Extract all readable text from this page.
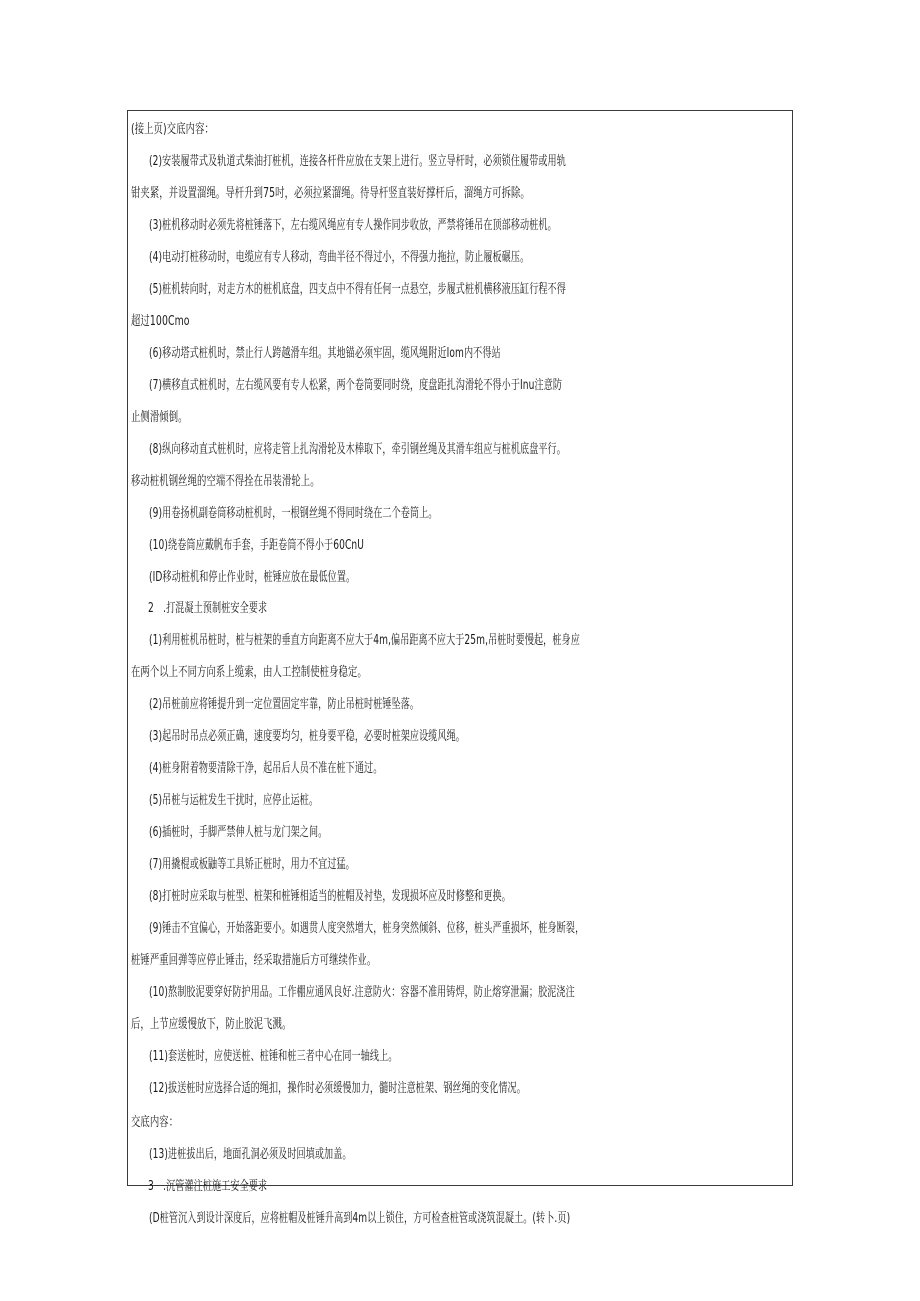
(接上页)交底内容：
(2)安装履带式及轨道式柴油打桩机，连接各杆件应放在支架上进行。竖立导杆时，必须锁住履带或用轨
钳夹紧，并设置溜绳。导杆升到75吋，必须拉紧溜绳。待导杆竖直装好撑杆后，溜绳方可拆除。
(3)桩机移动时必须先将桩锤落下，左右缆风绳应有专人操作同步收放，严禁将锤吊在顶部移动桩机。
(4)电动打桩移动时，电缆应有专人移动，弯曲半径不得过小，不得强力拖拉，防止履板碾压。
(5)桩机转向时，对走方木的桩机底盘，四支点中不得有任何一点悬空，步履式桩机横移液压缸行程不得
超过100Cmo
(6)移动塔式桩机时，禁止行人跨越滑车组。其地锚必须牢固，缆风绳附近Iom内不得站
(7)横移直式桩机时，左右缆风要有专人松紧，两个卷筒要同时绕，度盘距扎沟滑轮不得小于Inu注意防
止侧滑倾倒。
(8)纵向移动直式桩机时，应将走管上扎沟滑轮及木棒取下，牵引钢丝绳及其滑车组应与桩机底盘平行。
移动桩机钢丝绳的空端不得拴在吊装滑轮上。
(9)用卷扬机副卷筒移动桩机时，一根钢丝绳不得同时绕在二个卷筒上。
(10)绕卷筒应戴帆布手套，手距卷筒不得小于60CnU
(ID移动桩机和停止作业时，桩锤应放在最低位置。
2　.打混凝土预制桩安全要求
(1)利用桩机吊桩时，桩与桩架的垂直方向距离不应大于4m,偏吊距离不应大于25m,吊桩时要慢起，桩身应
在两个以上不同方向系上缆索，由人工控制使桩身稳定。
(2)吊桩前应将锤提升到一定位置固定牢靠，防止吊桩时桩锤坠落。
(3)起吊时吊点必须正确，速度要均匀，桩身要平稳，必要时桩架应设缆风绳。
(4)桩身附着物要清除干净，起吊后人员不准在桩下通过。
(5)吊桩与运桩发生干扰时，应停止运桩。
(6)插桩时，手脚严禁伸人桩与龙门架之间。
(7)用撬棍或板鼬等工具矫正桩时，用力不宜过猛。
(8)打桩时应采取与桩型、桩架和桩锤相适当的桩帽及衬垫，发现损坏应及时修整和更换。
(9)锤击不宜偏心，开始落距要小。如遇贯人度突然增大，桩身突然倾斜、位移，桩头严重损坏，桩身断裂，
桩锤严重回弹等应停止锤击，经采取措施后方可继续作业。
(10)熬制胶泥要穿好防护用品。工作棚应通风良好.注意防火：容器不准用铸焊，防止熔穿泄漏；胶泥浇注
后，上节应缓慢放下，防止胶泥飞溅。
(11)套送桩时，应使送桩、桩锤和桩三者中心在同一轴线上。
(12)拔送桩时应选择合适的绳扣，操作时必须缓慢加力，髓时注意桩架、钢丝绳的变化情况。
交底内容：
(13)进桩拔出后，地面孔洞必须及时回填或加盖。
3　.沉管灌注桩施工安全要求
(D桩管沉入到设计深度后，应将桩帽及桩锤升高到4m以上锁住，方可检查桩管或浇筑混凝土。(转卜.页)
